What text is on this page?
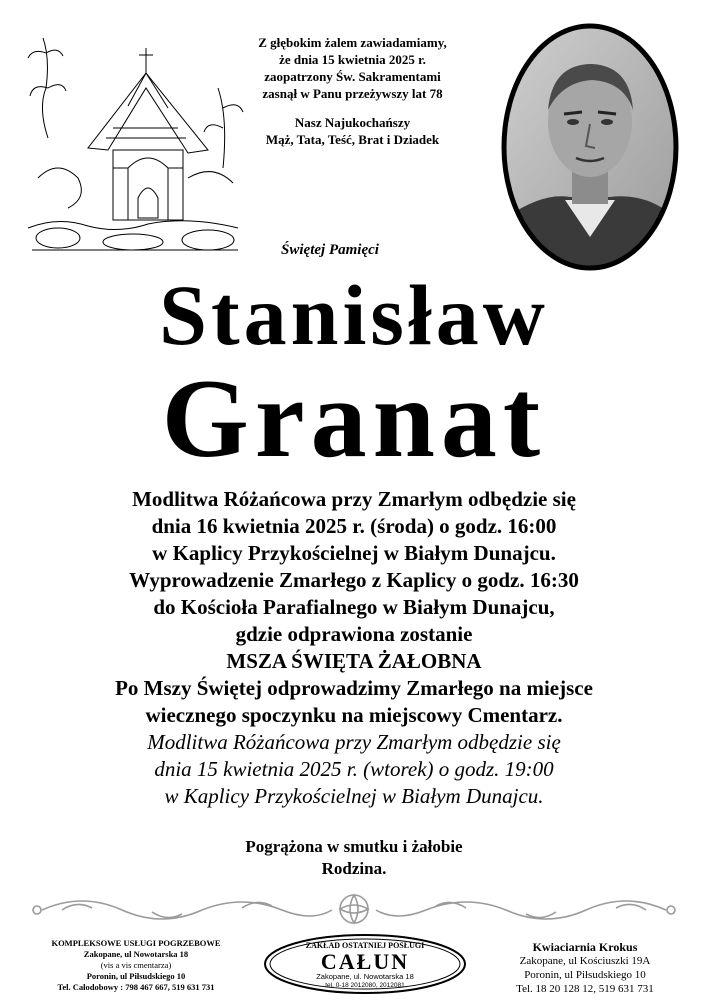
Z głębokim żalem zawiadamiamy,
że dnia 15 kwietnia 2025 r.
zaopatrzony Św. Sakramentami
zasnął w Panu przeżywszy lat 78
Nasz Najukochańszy
Mąż, Tata, Teść, Brat i Dziadek
Świętej Pamięci
Stanisław
Granat
Modlitwa Różańcowa przy Zmarłym odbędzie się
dnia 16 kwietnia 2025 r. (środa) o godz. 16:00
w Kaplicy Przykościelnej w Białym Dunajcu.
Wyprowadzenie Zmarłego z Kaplicy o godz. 16:30
do Kościoła Parafialnego w Białym Dunajcu,
gdzie odprawiona zostanie
MSZA ŚWIĘTA ŻAŁOBNA
Po Mszy Świętej odprowadzimy Zmarłego na miejsce
wiecznego spoczynku na miejscowy Cmentarz.
Modlitwa Różańcowa przy Zmarłym odbędzie się
dnia 15 kwietnia 2025 r. (wtorek) o godz. 19:00
w Kaplicy Przykościelnej w Białym Dunajcu.
Pogrążona w smutku i żałobie
Rodzina.
KOMPLEKSOWE USŁUGI POGRZEBOWE
Zakopane, ul Nowotarska 18
(vis a vis cmentarza)
Poronin, ul Piłsudskiego 10
Tel. Całodobowy : 798 467 667, 519 631 731
ZAKŁAD OSTATNIEJ POSŁUGI
CAŁUN
Zakopane, ul. Nowotarska 18
tel. 0-18 2012080, 2012081
Kwiaciarnia Krokus
Zakopane, ul Kościuszki 19A
Poronin, ul Piłsudskiego 10
Tel. 18 20 128 12, 519 631 731
